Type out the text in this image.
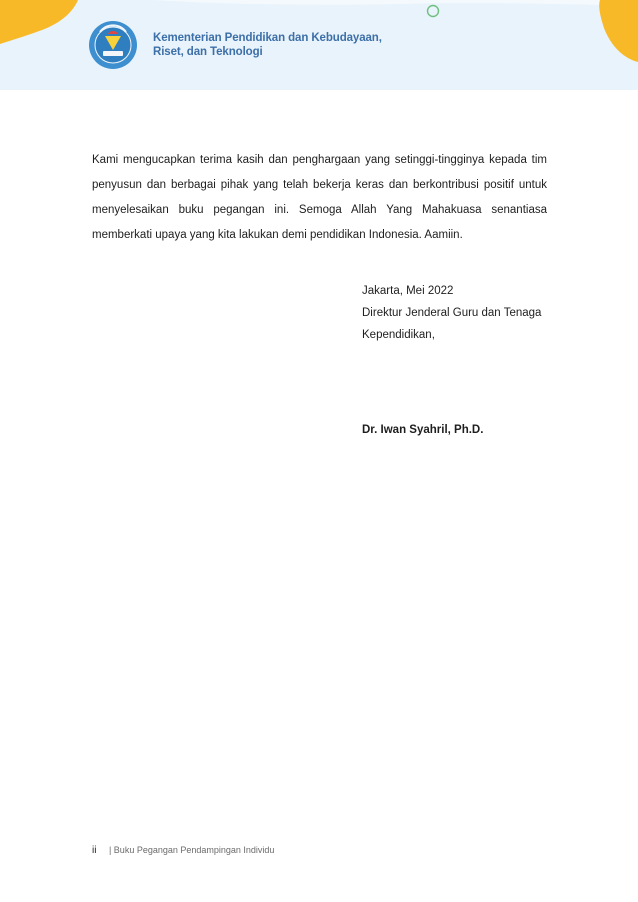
Kementerian Pendidikan dan Kebudayaan,
Riset, dan Teknologi

Kami mengucapkan terima kasih dan penghargaan yang setinggi-tingginya kepada tim penyusun dan berbagai pihak yang telah bekerja keras dan berkontribusi positif untuk menyelesaikan buku pegangan ini. Semoga Allah Yang Mahakuasa senantiasa memberkati upaya yang kita lakukan demi pendidikan Indonesia. Aamiin.

Jakarta, Mei 2022
Direktur Jenderal Guru dan Tenaga
Kependidikan,
Dr. Iwan Syahril, Ph.D.
ii | Buku Pegangan Pendampingan Individu
